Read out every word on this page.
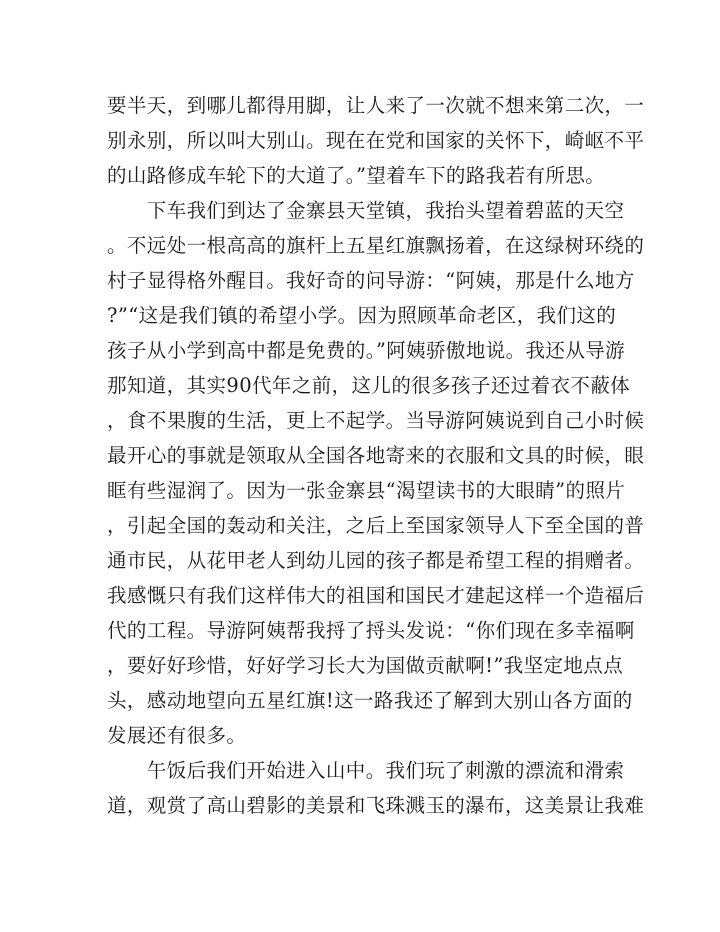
要半天，到哪儿都得用脚，让人来了一次就不想来第二次，一
别永别，所以叫大别山。现在在党和国家的关怀下，崎岖不平
的山路修成车轮下的大道了。”望着车下的路我若有所思。
　　下车我们到达了金寨县天堂镇，我抬头望着碧蓝的天空
。不远处一根高高的旗杆上五星红旗飘扬着，在这绿树环绕的
村子显得格外醒目。我好奇的问导游：“阿姨，那是什么地方
?”“这是我们镇的希望小学。因为照顾革命老区，我们这的
孩子从小学到高中都是免费的。”阿姨骄傲地说。我还从导游
那知道，其实90代年之前，这儿的很多孩子还过着衣不蔽体
，食不果腹的生活，更上不起学。当导游阿姨说到自己小时候
最开心的事就是领取从全国各地寄来的衣服和文具的时候，眼
眶有些湿润了。因为一张金寨县“渴望读书的大眼睛”的照片
，引起全国的轰动和关注，之后上至国家领导人下至全国的普
通市民，从花甲老人到幼儿园的孩子都是希望工程的捐赠者。
我感慨只有我们这样伟大的祖国和国民才建起这样一个造福后
代的工程。导游阿姨帮我捋了捋头发说：“你们现在多幸福啊
，要好好珍惜，好好学习长大为国做贡献啊!”我坚定地点点
头，感动地望向五星红旗!这一路我还了解到大别山各方面的
发展还有很多。
　　午饭后我们开始进入山中。我们玩了刺激的漂流和滑索
道，观赏了高山碧影的美景和飞珠溅玉的瀑布，这美景让我难
